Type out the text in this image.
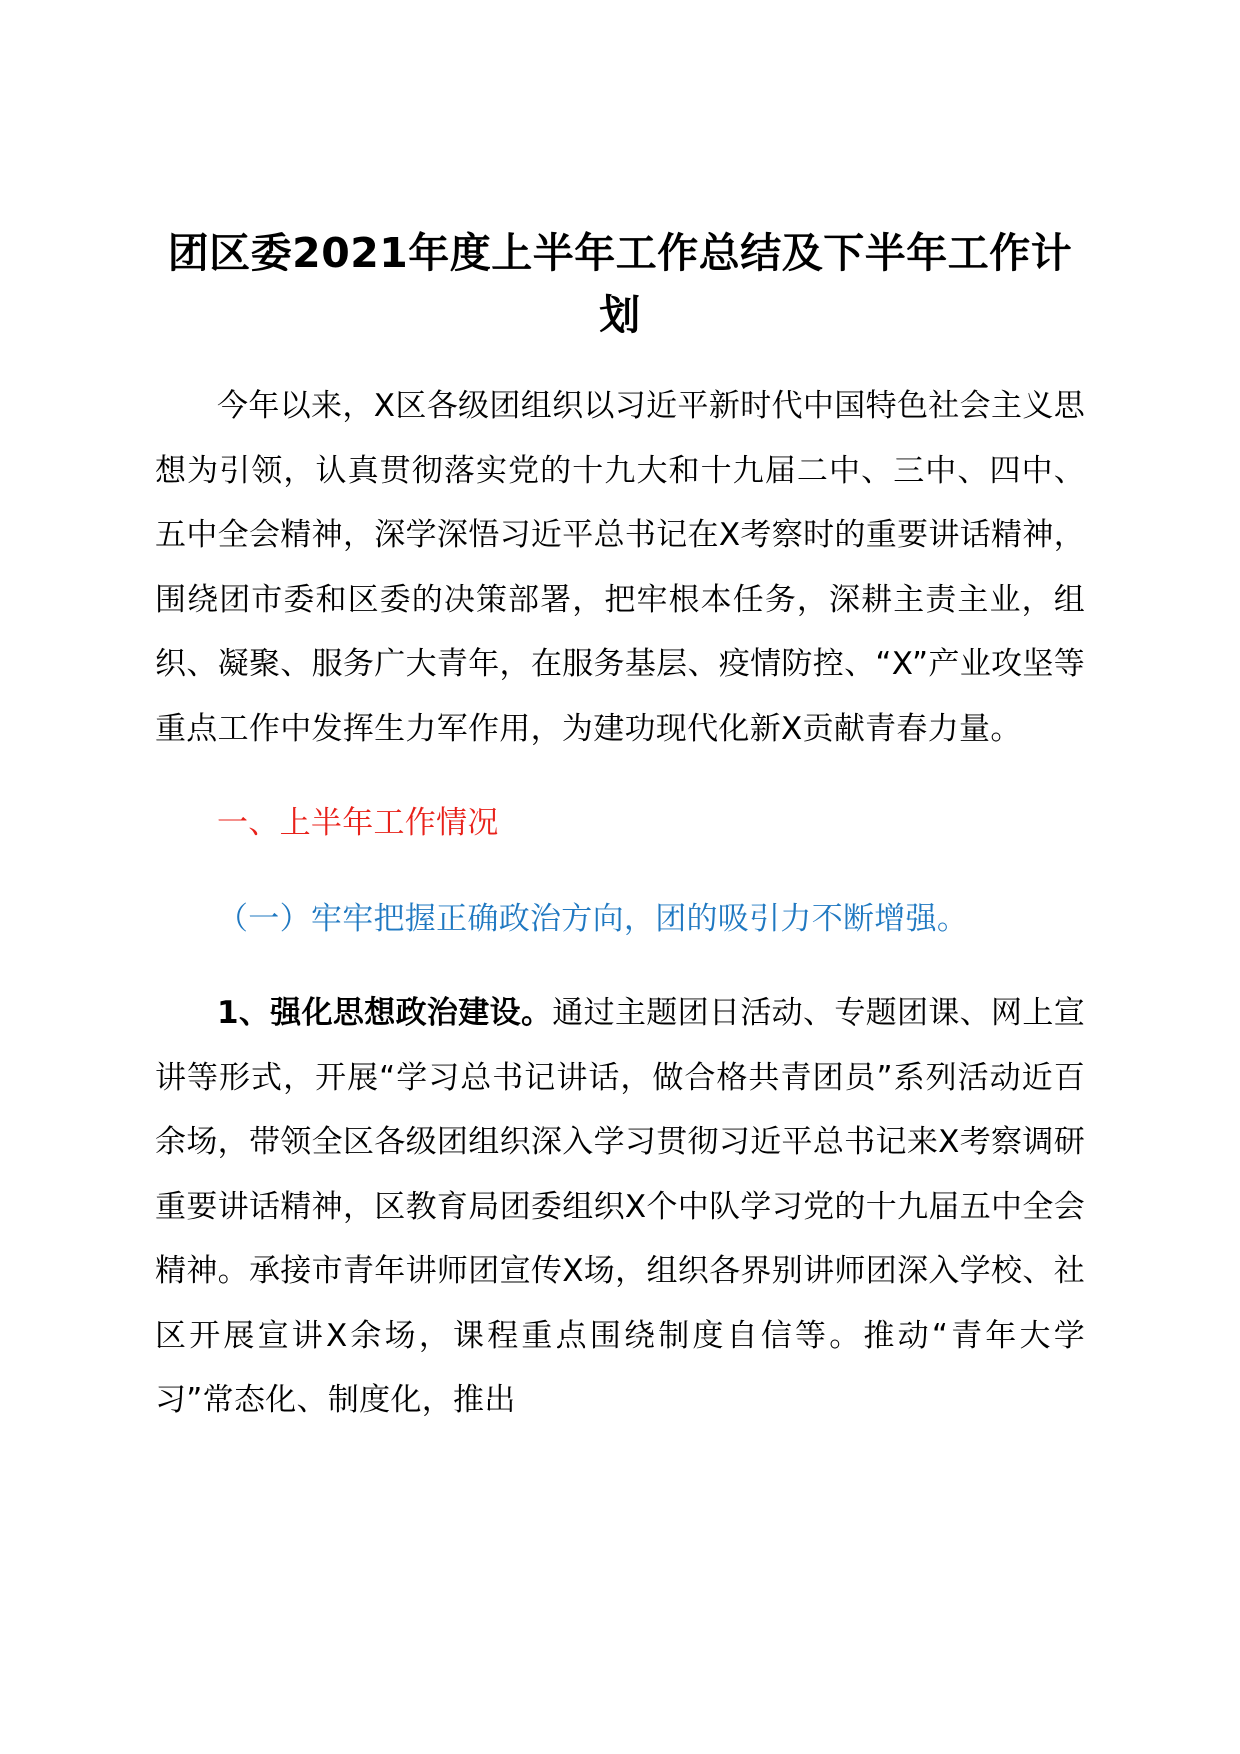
团区委2021年度上半年工作总结及下半年工作计划

今年以来，X区各级团组织以习近平新时代中国特色社会主义思想为引领，认真贯彻落实党的十九大和十九届二中、三中、四中、五中全会精神，深学深悟习近平总书记在X考察时的重要讲话精神，围绕团市委和区委的决策部署，把牢根本任务，深耕主责主业，组织、凝聚、服务广大青年，在服务基层、疫情防控、“X”产业攻坚等重点工作中发挥生力军作用，为建功现代化新X贡献青春力量。

一、上半年工作情况

（一）牢牢把握正确政治方向，团的吸引力不断增强。

1、强化思想政治建设。通过主题团日活动、专题团课、网上宣讲等形式，开展“学习总书记讲话，做合格共青团员”系列活动近百余场，带领全区各级团组织深入学习贯彻习近平总书记来X考察调研重要讲话精神，区教育局团委组织X个中队学习党的十九届五中全会精神。承接市青年讲师团宣传X场，组织各界别讲师团深入学校、社区开展宣讲X余场，课程重点围绕制度自信等。推动“青年大学习”常态化、制度化，推出
